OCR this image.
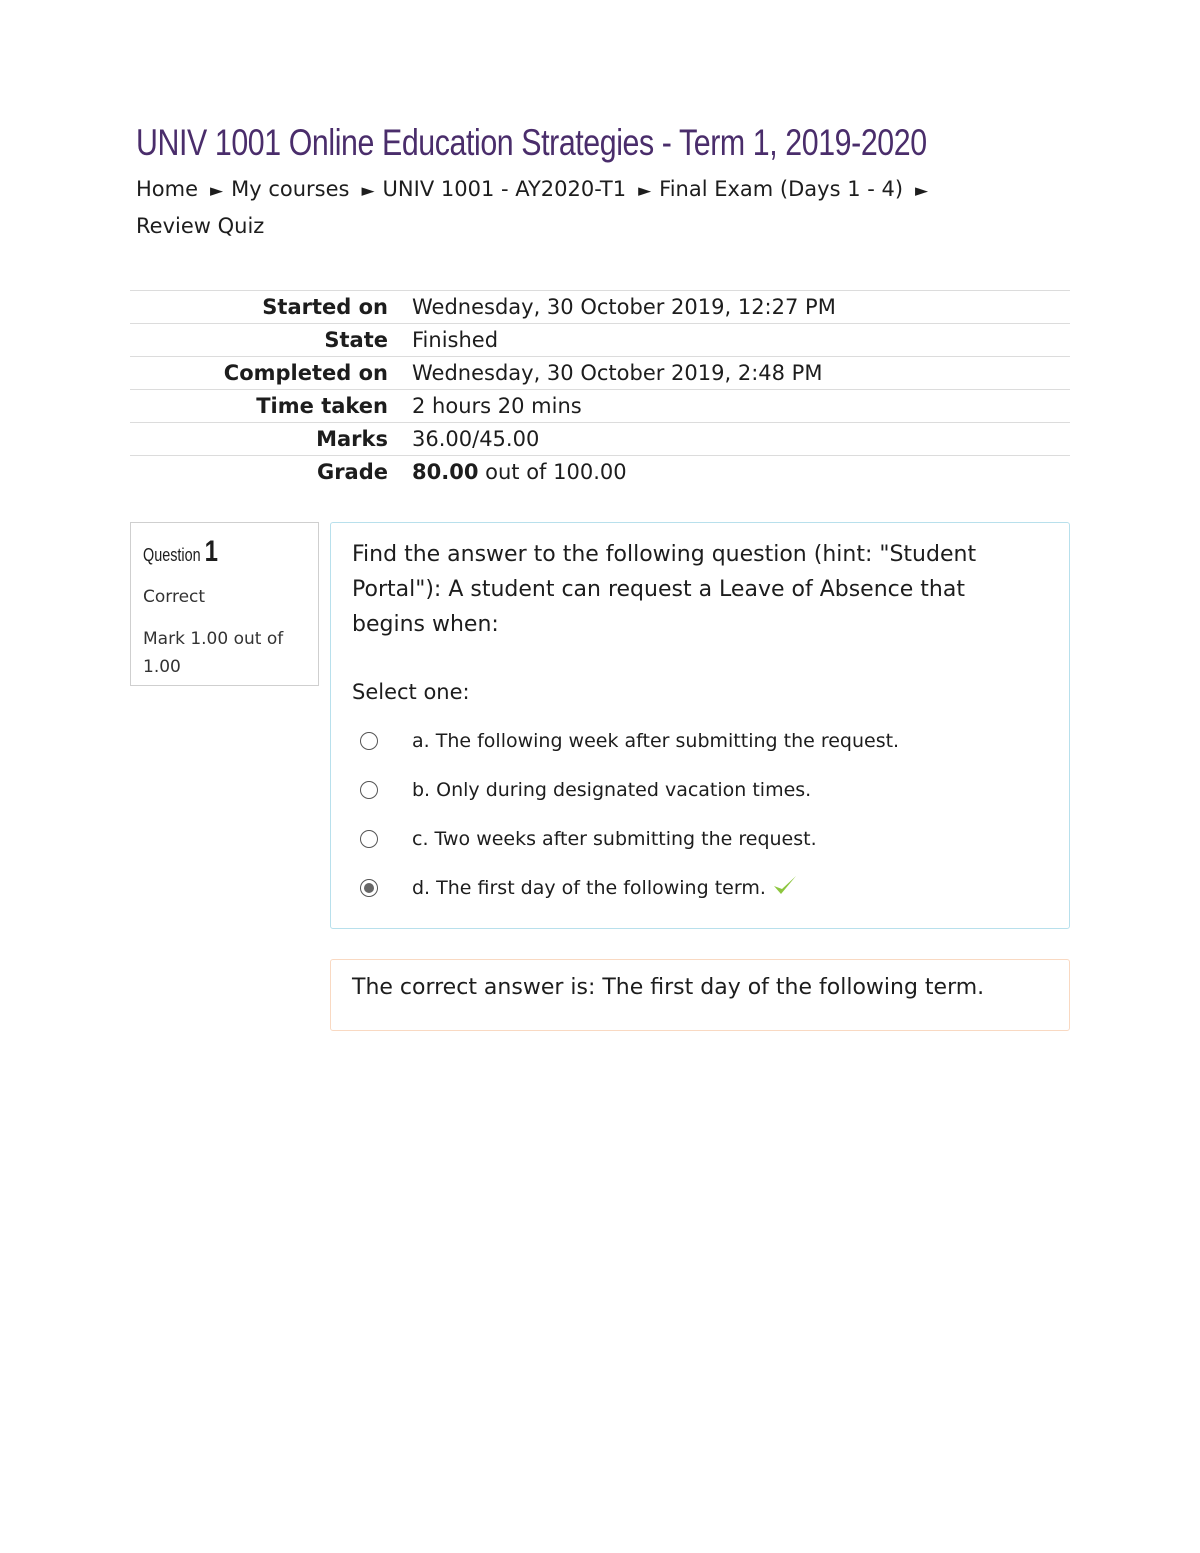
UNIV 1001 Online Education Strategies - Term 1, 2019-2020
Home ► My courses ► UNIV 1001 - AY2020-T1 ► Final Exam (Days 1 - 4) ►
Review Quiz
Started on	Wednesday, 30 October 2019, 12:27 PM
State	Finished
Completed on	Wednesday, 30 October 2019, 2:48 PM
Time taken	2 hours 20 mins
Marks	36.00/45.00
Grade	80.00 out of 100.00
Question 1
Correct
Mark 1.00 out of 1.00
Find the answer to the following question (hint: "Student Portal"): A student can request a Leave of Absence that begins when:
Select one:
a. The following week after submitting the request.
b. Only during designated vacation times.
c. Two weeks after submitting the request.
d. The first day of the following term.
The correct answer is: The first day of the following term.
